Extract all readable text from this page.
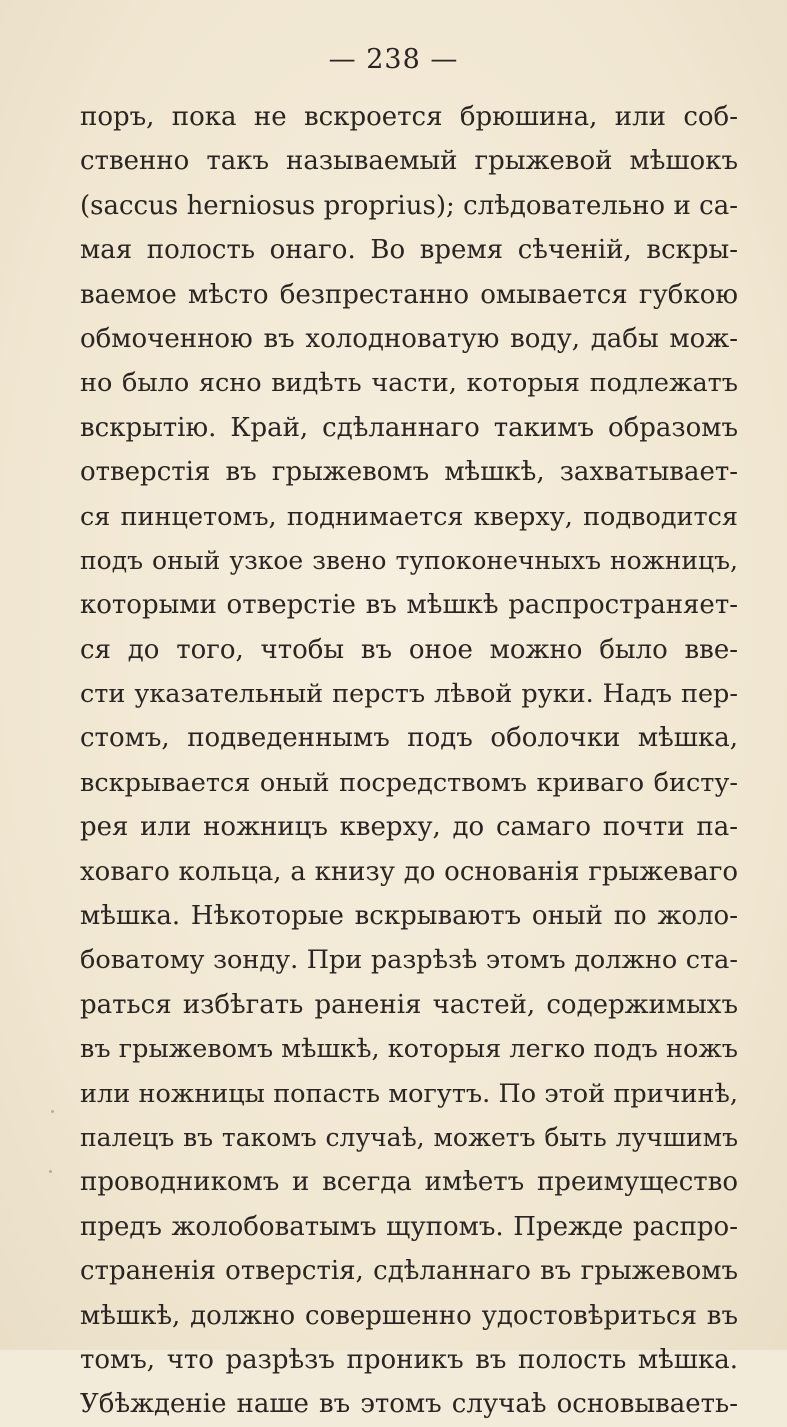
— 238 —
поръ, пока не вскроется брюшина, или соб-
ственно такъ называемый грыжевой мѣшокъ
(saccus herniosus proprius); слѣдовательно и са-
мая полость онаго. Во время сѣченій, вскры-
ваемое мѣсто безпрестанно омывается губкою
обмоченною въ холодноватую воду, дабы мож-
но было ясно видѣть части, которыя подлежатъ
вскрытію. Край, сдѣланнаго такимъ образомъ
отверстія въ грыжевомъ мѣшкѣ, захватывает-
ся пинцетомъ, поднимается кверху, подводится
подъ оный узкое звено тупоконечныхъ ножницъ,
которыми отверстіе въ мѣшкѣ распространяет-
ся до того, чтобы въ оное можно было вве-
сти указательный перстъ лѣвой руки. Надъ пер-
стомъ, подведеннымъ подъ оболочки мѣшка,
вскрывается оный посредствомъ криваго бисту-
рея или ножницъ кверху, до самаго почти па-
ховаго кольца, а книзу до основанія грыжеваго
мѣшка. Нѣкоторые вскрываютъ оный по жоло-
боватому зонду. При разрѣзѣ этомъ должно ста-
раться избѣгать раненія частей, содержимыхъ
въ грыжевомъ мѣшкѣ, которыя легко подъ ножъ
или ножницы попасть могутъ. По этой причинѣ,
палецъ въ такомъ случаѣ, можетъ быть лучшимъ
проводникомъ и всегда имѣетъ преимущество
предъ жолобоватымъ щупомъ. Прежде распро-
страненія отверстія, сдѣланнаго въ грыжевомъ
мѣшкѣ, должно совершенно удостовѣриться въ
томъ, что разрѣзъ проникъ въ полость мѣшка.
Убѣжденіе наше въ этомъ случаѣ основываеть-
